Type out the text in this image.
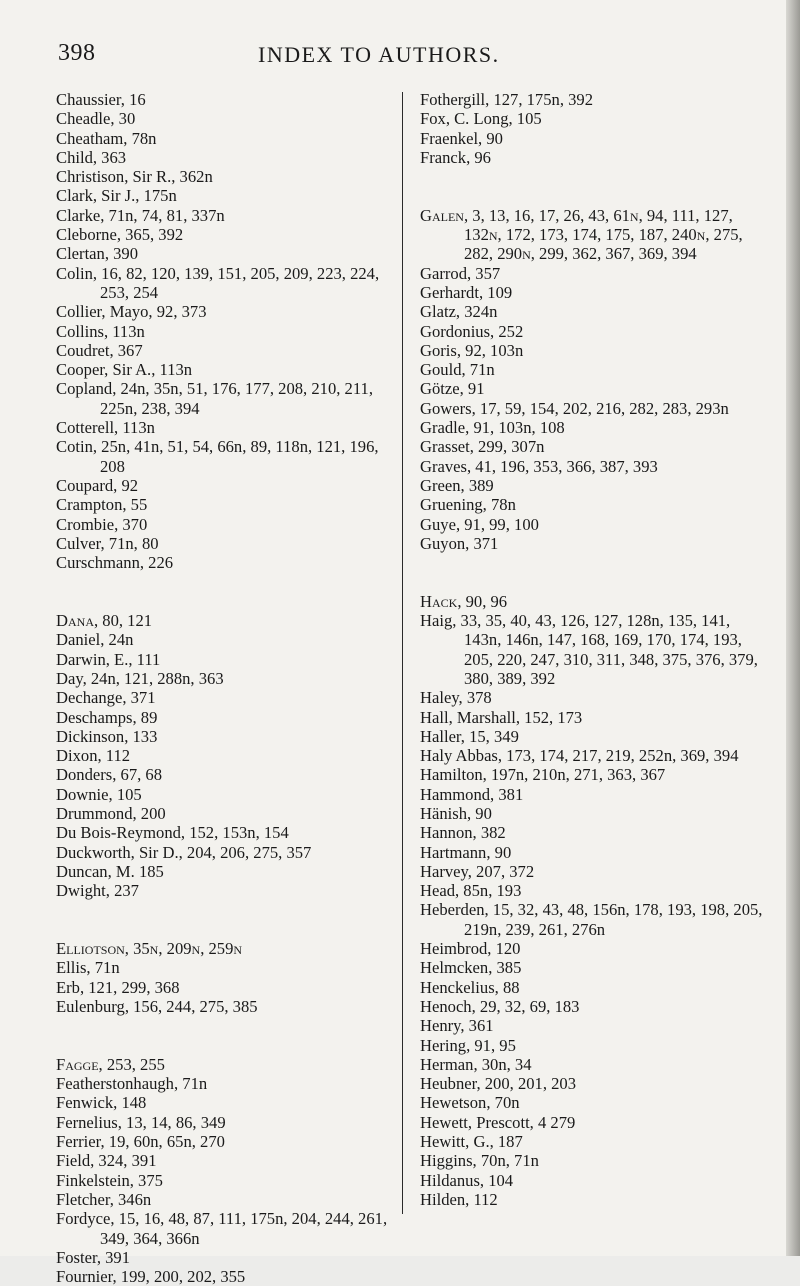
398	INDEX TO AUTHORS.
Chaussier, 16
Cheadle, 30
Cheatham, 78n
Child, 363
Christison, Sir R., 362n
Clark, Sir J., 175n
Clarke, 71n, 74, 81, 337n
Cleborne, 365, 392
Clertan, 390
Colin, 16, 82, 120, 139, 151, 205, 209, 223, 224, 253, 254
Collier, Mayo, 92, 373
Collins, 113n
Coudret, 367
Cooper, Sir A., 113n
Copland, 24n, 35n, 51, 176, 177, 208, 210, 211, 225n, 238, 394
Cotterell, 113n
Cotin, 25n, 41n, 51, 54, 66n, 89, 118n, 121, 196, 208
Coupard, 92
Crampton, 55
Crombie, 370
Culver, 71n, 80
Curschmann, 226
Dana, 80, 121
Daniel, 24n
Darwin, E., 111
Day, 24n, 121, 288n, 363
Dechange, 371
Deschamps, 89
Dickinson, 133
Dixon, 112
Donders, 67, 68
Downie, 105
Drummond, 200
Du Bois-Reymond, 152, 153n, 154
Duckworth, Sir D., 204, 206, 275, 357
Duncan, M. 185
Dwight, 237
Elliotson, 35n, 209n, 259n
Ellis, 71n
Erb, 121, 299, 368
Eulenburg, 156, 244, 275, 385
Fagge, 253, 255
Featherstonhaugh, 71n
Fenwick, 148
Fernelius, 13, 14, 86, 349
Ferrier, 19, 60n, 65n, 270
Field, 324, 391
Finkelstein, 375
Fletcher, 346n
Fordyce, 15, 16, 48, 87, 111, 175n, 204, 244, 261, 349, 364, 366n
Foster, 391
Fournier, 199, 200, 202, 355
Fothergill, 127, 175n, 392
Fox, C. Long, 105
Fraenkel, 90
Franck, 96
Galen, 3, 13, 16, 17, 26, 43, 61n, 94, 111, 127, 132n, 172, 173, 174, 175, 187, 240n, 275, 282, 290n, 299, 362, 367, 369, 394
Garrod, 357
Gerhardt, 109
Glatz, 324n
Gordonius, 252
Goris, 92, 103n
Gould, 71n
Götze, 91
Gowers, 17, 59, 154, 202, 216, 282, 283, 293n
Gradle, 91, 103n, 108
Grasset, 299, 307n
Graves, 41, 196, 353, 366, 387, 393
Green, 389
Gruening, 78n
Guye, 91, 99, 100
Guyon, 371
Hack, 90, 96
Haig, 33, 35, 40, 43, 126, 127, 128n, 135, 141, 143n, 146n, 147, 168, 169, 170, 174, 193, 205, 220, 247, 310, 311, 348, 375, 376, 379, 380, 389, 392
Haley, 378
Hall, Marshall, 152, 173
Haller, 15, 349
Haly Abbas, 173, 174, 217, 219, 252n, 369, 394
Hamilton, 197n, 210n, 271, 363, 367
Hammond, 381
Hänish, 90
Hannon, 382
Hartmann, 90
Harvey, 207, 372
Head, 85n, 193
Heberden, 15, 32, 43, 48, 156n, 178, 193, 198, 205, 219n, 239, 261, 276n
Heimbrod, 120
Helmcken, 385
Henckelius, 88
Henoch, 29, 32, 69, 183
Henry, 361
Hering, 91, 95
Herman, 30n, 34
Heubner, 200, 201, 203
Hewetson, 70n
Hewett, Prescott, 4 279
Hewitt, G., 187
Higgins, 70n, 71n
Hildanus, 104
Hilden, 112
